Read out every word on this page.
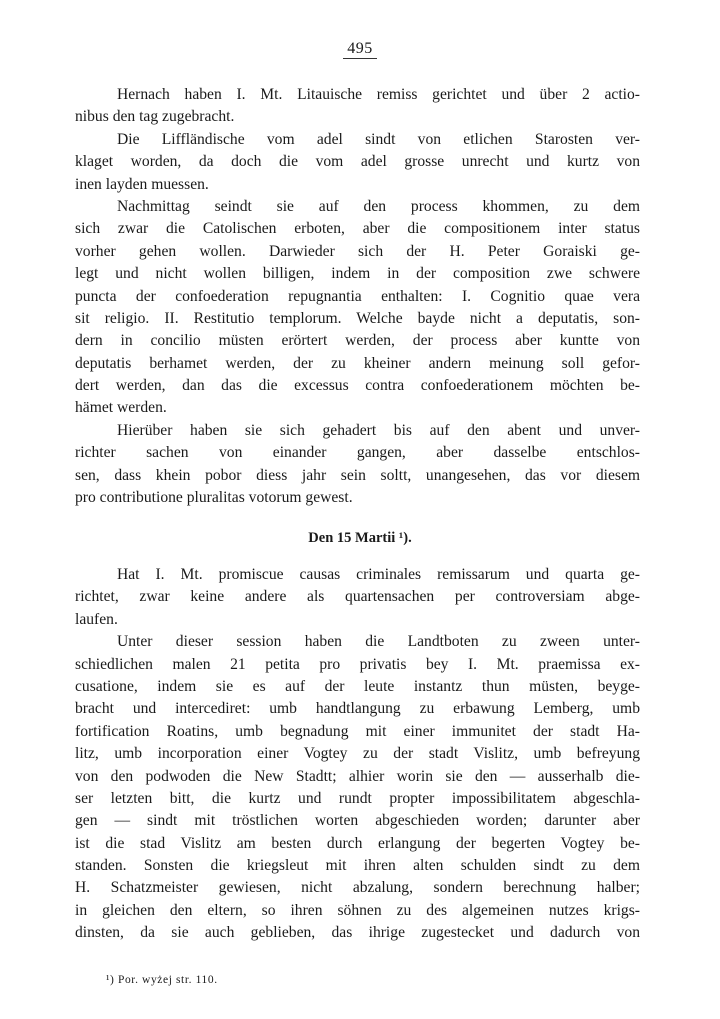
495
Hernach haben I. Mt. Litauische remiss gerichtet und über 2 actio-
nibus den tag zugebracht.
Die Liffländische vom adel sindt von etlichen Starosten ver-
klaget worden, da doch die vom adel grosse unrecht und kurtz von
inen layden muessen.
Nachmittag seindt sie auf den process khommen, zu dem
sich zwar die Catolischen erboten, aber die compositionem inter status
vorher gehen wollen. Darwieder sich der H. Peter Goraiski ge-
legt und nicht wollen billigen, indem in der composition zwe schwere
puncta der confoederation repugnantia enthalten: I. Cognitio quae vera
sit religio. II. Restitutio templorum. Welche bayde nicht a deputatis, son-
dern in concilio müsten erörtert werden, der process aber kuntte von
deputatis berhamet werden, der zu kheiner andern meinung soll gefor-
dert werden, dan das die excessus contra confoederationem möchten be-
hämet werden.
Hierüber haben sie sich gehadert bis auf den abent und unver-
richter sachen von einander gangen, aber dasselbe entschlos-
sen, dass khein pobor diess jahr sein soltt, unangesehen, das vor diesem
pro contributione pluralitas votorum gewest.
Den 15 Martii ¹).
Hat I. Mt. promiscue causas criminales remissarum und quarta ge-
richtet, zwar keine andere als quartensachen per controversiam abge-
laufen.
Unter dieser session haben die Landtboten zu zween unter-
schiedlichen malen 21 petita pro privatis bey I. Mt. praemissa ex-
cusatione, indem sie es auf der leute instantz thun müsten, beyge-
bracht und intercediret: umb handtlangung zu erbawung Lemberg, umb
fortification Roatins, umb begnadung mit einer immunitet der stadt Ha-
litz, umb incorporation einer Vogtey zu der stadt Vislitz, umb befreyung
von den podwoden die New Stadtt; alhier worin sie den — ausserhalb die-
ser letzten bitt, die kurtz und rundt propter impossibilitatem abgeschla-
gen — sindt mit tröstlichen worten abgeschieden worden; darunter aber
ist die stad Vislitz am besten durch erlangung der begerten Vogtey be-
standen. Sonsten die kriegsleut mit ihren alten schulden sindt zu dem
H. Schatzmeister gewiesen, nicht abzalung, sondern berechnung halber;
in gleichen den eltern, so ihren söhnen zu des algemeinen nutzes krigs-
dinsten, da sie auch geblieben, das ihrige zugestecket und dadurch von
¹) Por. wyżej str. 110.
